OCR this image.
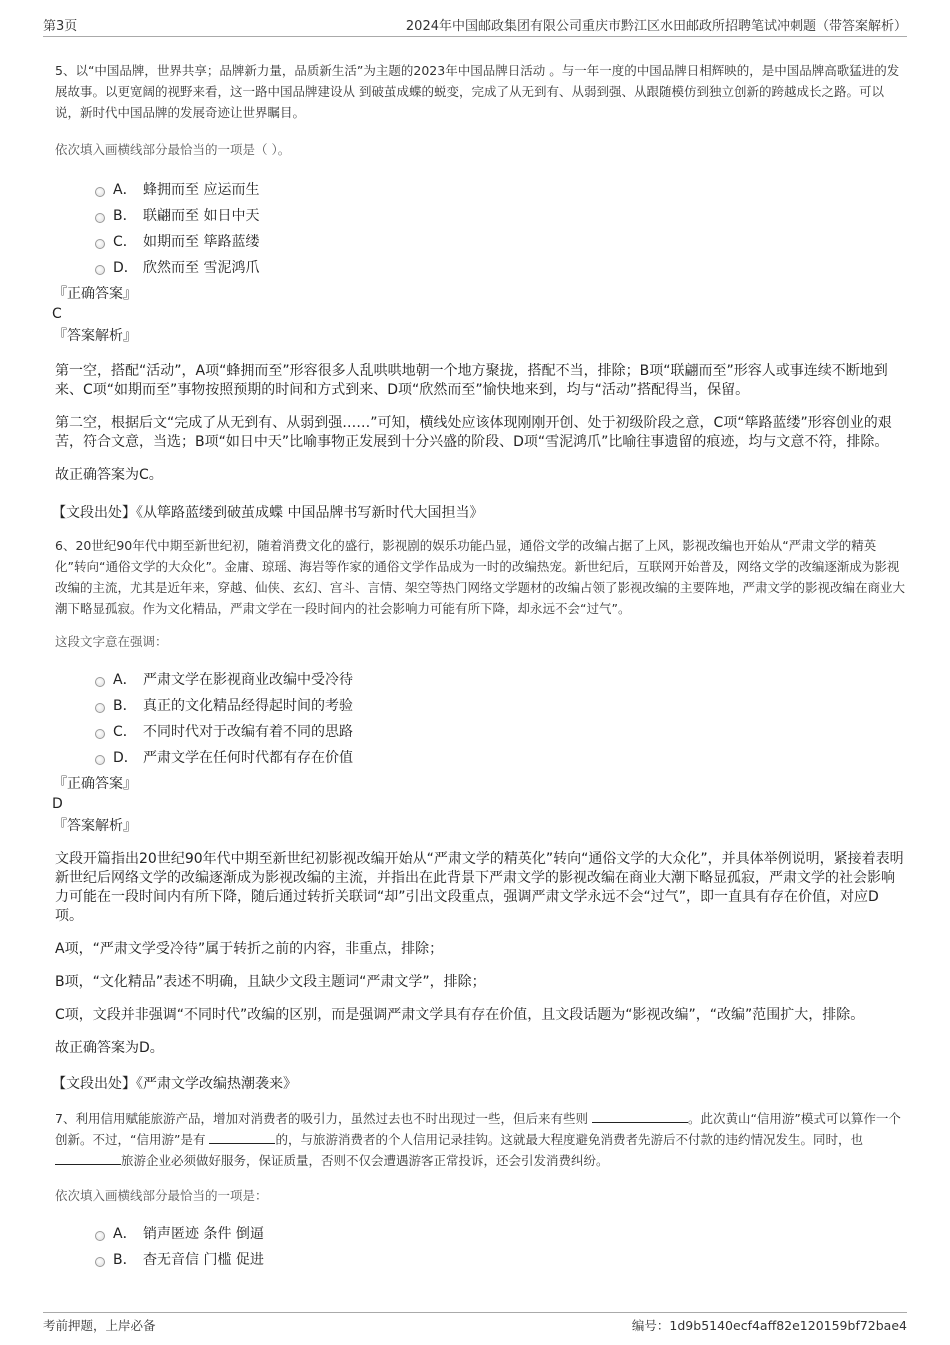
第3页	2024年中国邮政集团有限公司重庆市黔江区水田邮政所招聘笔试冲刺题（带答案解析）

5、以“中国品牌，世界共享；品牌新力量，品质新生活”为主题的2023年中国品牌日活动 。与一年一度的中国品牌日相辉映的，是中国品牌高歌猛进的发展故事。以更宽阔的视野来看，这一路中国品牌建设从 到破茧成蝶的蜕变，完成了从无到有、从弱到强、从跟随模仿到独立创新的跨越成长之路。可以说，新时代中国品牌的发展奇迹让世界瞩目。

依次填入画横线部分最恰当的一项是（ ）。

A． 蜂拥而至 应运而生
B． 联翩而至 如日中天
C． 如期而至 筚路蓝缕
D． 欣然而至 雪泥鸿爪
『正确答案』
C
『答案解析』

第一空，搭配“活动”，A项“蜂拥而至”形容很多人乱哄哄地朝一个地方聚拢，搭配不当，排除；B项“联翩而至”形容人或事连续不断地到来、C项“如期而至”事物按照预期的时间和方式到来、D项“欣然而至”愉快地来到，均与“活动”搭配得当，保留。

第二空，根据后文“完成了从无到有、从弱到强……”可知，横线处应该体现刚刚开创、处于初级阶段之意，C项“筚路蓝缕”形容创业的艰苦，符合文意，当选；B项“如日中天”比喻事物正发展到十分兴盛的阶段、D项“雪泥鸿爪”比喻往事遗留的痕迹，均与文意不符，排除。

故正确答案为C。

【文段出处】《从筚路蓝缕到破茧成蝶 中国品牌书写新时代大国担当》

6、20世纪90年代中期至新世纪初，随着消费文化的盛行，影视剧的娱乐功能凸显，通俗文学的改编占据了上风，影视改编也开始从“严肃文学的精英化”转向“通俗文学的大众化”。金庸、琼瑶、海岩等作家的通俗文学作品成为一时的改编热宠。新世纪后，互联网开始普及，网络文学的改编逐渐成为影视改编的主流，尤其是近年来，穿越、仙侠、玄幻、宫斗、言情、架空等热门网络文学题材的改编占领了影视改编的主要阵地，严肃文学的影视改编在商业大潮下略显孤寂。作为文化精品，严肃文学在一段时间内的社会影响力可能有所下降，却永远不会“过气”。

这段文字意在强调：

A． 严肃文学在影视商业改编中受冷待
B． 真正的文化精品经得起时间的考验
C． 不同时代对于改编有着不同的思路
D． 严肃文学在任何时代都有存在价值
『正确答案』
D
『答案解析』

文段开篇指出20世纪90年代中期至新世纪初影视改编开始从“严肃文学的精英化”转向“通俗文学的大众化”，并具体举例说明，紧接着表明新世纪后网络文学的改编逐渐成为影视改编的主流，并指出在此背景下严肃文学的影视改编在商业大潮下略显孤寂，严肃文学的社会影响力可能在一段时间内有所下降，随后通过转折关联词“却”引出文段重点，强调严肃文学永远不会“过气”，即一直具有存在价值，对应D项。

A项，“严肃文学受冷待”属于转折之前的内容，非重点，排除；

B项，“文化精品”表述不明确，且缺少文段主题词“严肃文学”，排除；

C项，文段并非强调“不同时代”改编的区别，而是强调严肃文学具有存在价值，且文段话题为“影视改编”，“改编”范围扩大，排除。

故正确答案为D。

【文段出处】《严肃文学改编热潮袭来》

7、利用信用赋能旅游产品，增加对消费者的吸引力，虽然过去也不时出现过一些，但后来有些则	。此次黄山“信用游”模式可以算作一个创新。不过，“信用游”是有	的，与旅游消费者的个人信用记录挂钩。这就最大程度避免消费者先游后不付款的违约情况发生。同时，也 旅游企业必须做好服务，保证质量，否则不仅会遭遇游客正常投诉，还会引发消费纠纷。

依次填入画横线部分最恰当的一项是：

A． 销声匿迹 条件 倒逼
B． 杳无音信 门槛 促进
考前押题，上岸必备	编号：1d9b5140ecf4aff82e120159bf72bae4
